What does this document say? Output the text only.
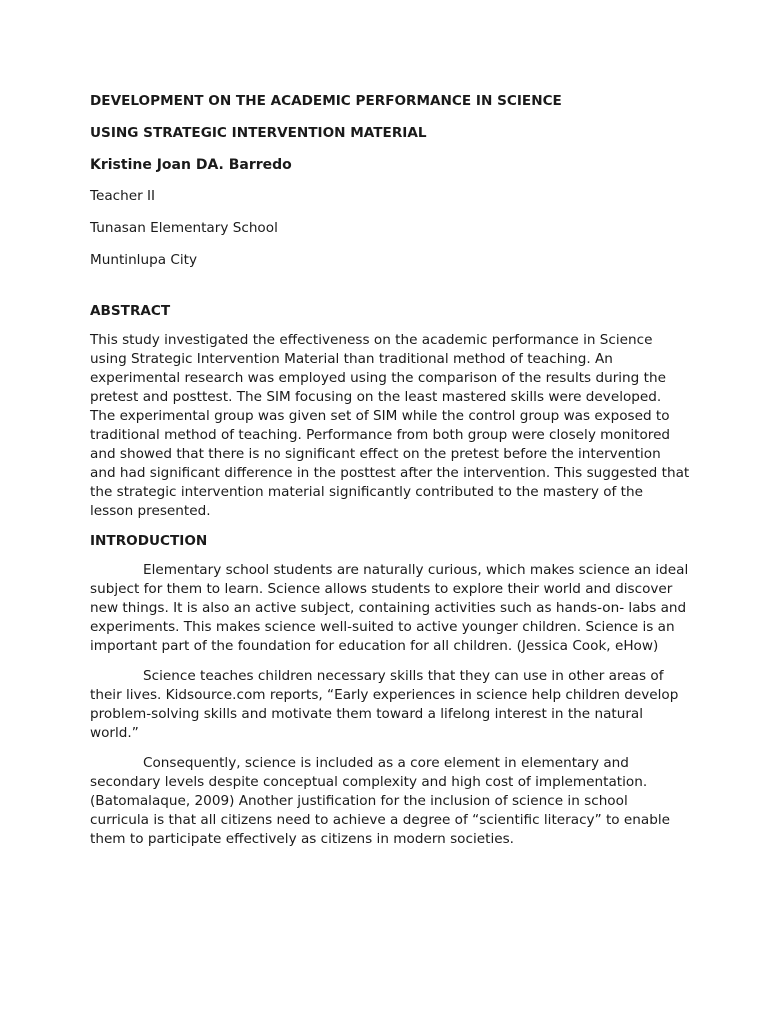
DEVELOPMENT ON THE ACADEMIC PERFORMANCE IN SCIENCE
USING STRATEGIC INTERVENTION MATERIAL
Kristine Joan DA. Barredo
Teacher II
Tunasan Elementary School
Muntinlupa City
ABSTRACT
This study investigated the effectiveness on the academic performance in Science using Strategic Intervention Material than traditional method of teaching. An experimental research was employed using the comparison of the results during the pretest and posttest. The SIM focusing on the least mastered skills were developed. The experimental group was given set of SIM while the control group was exposed to traditional method of teaching. Performance from both group were closely monitored and showed that there is no significant effect on the pretest before the intervention and had significant difference in the posttest after the intervention. This suggested that the strategic intervention material significantly contributed to the mastery of the lesson presented.
INTRODUCTION
Elementary school students are naturally curious, which makes science an ideal subject for them to learn. Science allows students to explore their world and discover new things. It is also an active subject, containing activities such as hands-on- labs and experiments. This makes science well-suited to active younger children. Science is an important part of the foundation for education for all children. (Jessica Cook, eHow)
Science teaches children necessary skills that they can use in other areas of their lives. Kidsource.com reports, “Early experiences in science help children develop problem-solving skills and motivate them toward a lifelong interest in the natural world.”
Consequently, science is included as a core element in elementary and secondary levels despite conceptual complexity and high cost of implementation. (Batomalaque, 2009) Another justification for the inclusion of science in school curricula is that all citizens need to achieve a degree of “scientific literacy” to enable them to participate effectively as citizens in modern societies.
